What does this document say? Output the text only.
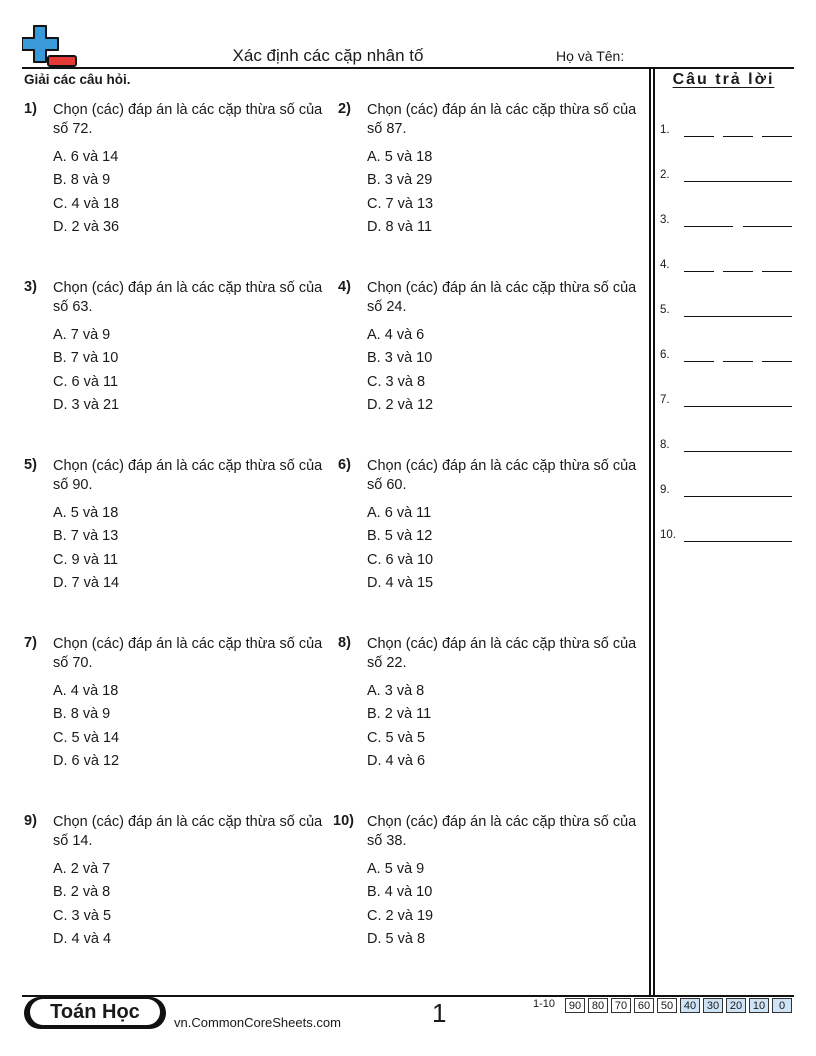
Xác định các cặp nhân tố	Họ và Tên:
Giải các câu hỏi.	Câu trả lời
1.
2.
3.
4.
5.
6.
7.
8.
9.
10.
1) Chọn (các) đáp án là các cặp thừa số của số 72.
A. 6 và 14
B. 8 và 9
C. 4 và 18
D. 2 và 36
2) Chọn (các) đáp án là các cặp thừa số của số 87.
A. 5 và 18
B. 3 và 29
C. 7 và 13
D. 8 và 11
3) Chọn (các) đáp án là các cặp thừa số của số 63.
A. 7 và 9
B. 7 và 10
C. 6 và 11
D. 3 và 21
4) Chọn (các) đáp án là các cặp thừa số của số 24.
A. 4 và 6
B. 3 và 10
C. 3 và 8
D. 2 và 12
5) Chọn (các) đáp án là các cặp thừa số của số 90.
A. 5 và 18
B. 7 và 13
C. 9 và 11
D. 7 và 14
6) Chọn (các) đáp án là các cặp thừa số của số 60.
A. 6 và 11
B. 5 và 12
C. 6 và 10
D. 4 và 15
7) Chọn (các) đáp án là các cặp thừa số của số 70.
A. 4 và 18
B. 8 và 9
C. 5 và 14
D. 6 và 12
8) Chọn (các) đáp án là các cặp thừa số của số 22.
A. 3 và 8
B. 2 và 11
C. 5 và 5
D. 4 và 6
9) Chọn (các) đáp án là các cặp thừa số của số 14.
A. 2 và 7
B. 2 và 8
C. 3 và 5
D. 4 và 4
10) Chọn (các) đáp án là các cặp thừa số của số 38.
A. 5 và 9
B. 4 và 10
C. 2 và 19
D. 5 và 8
Toán Học	vn.CommonCoreSheets.com	1	1-10	90 80 70 60 50 40 30 20 10	0
